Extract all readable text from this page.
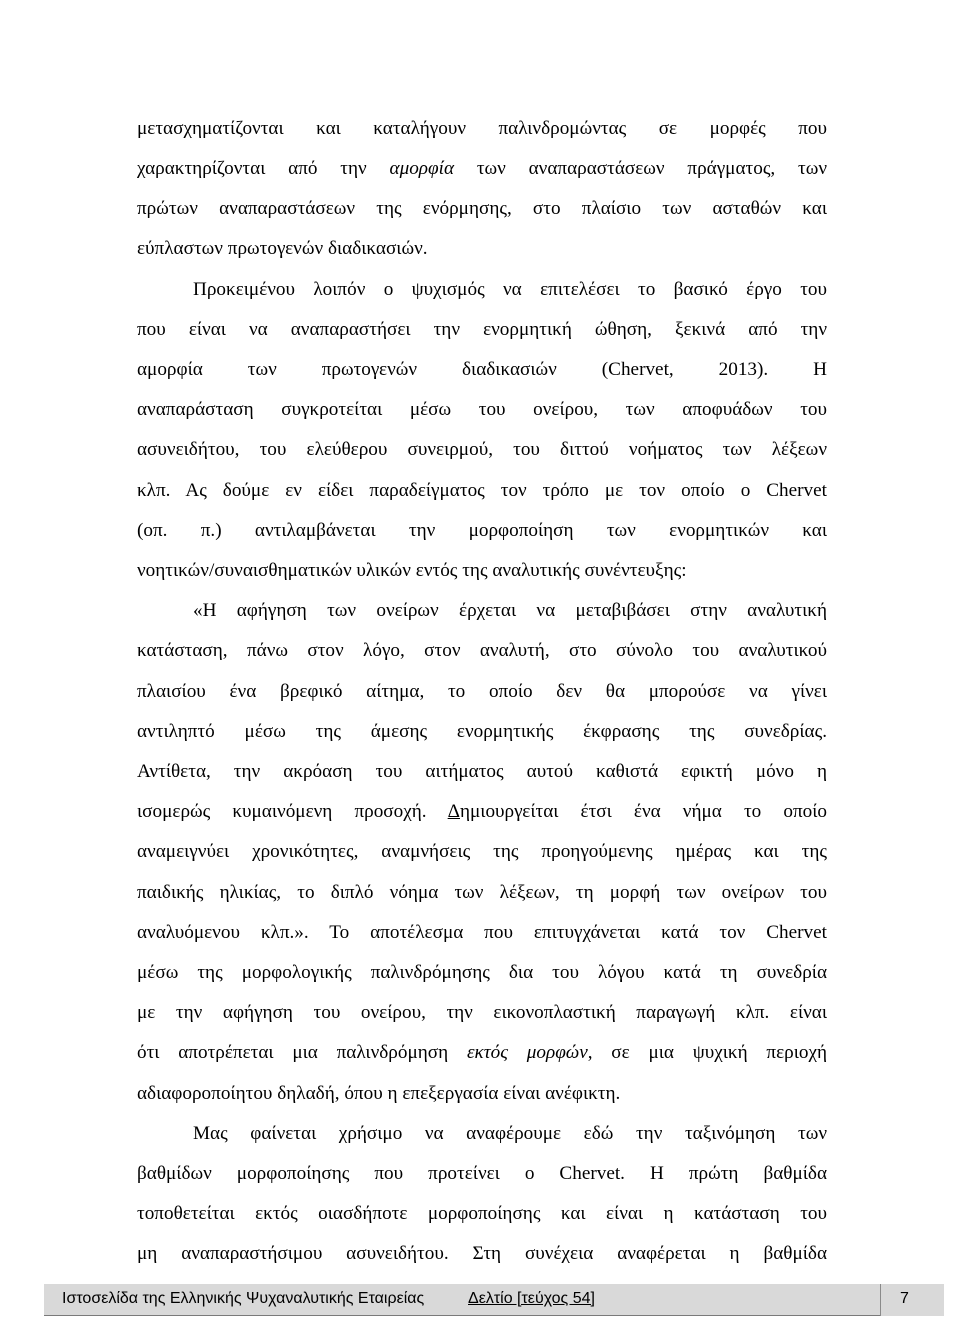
μετασχηματίζονται και καταλήγουν παλινδρομώντας σε μορφές που
χαρακτηρίζονται από την αμορφία των αναπαραστάσεων πράγματος, των
πρώτων αναπαραστάσεων της ενόρμησης, στο πλαίσιο των ασταθών και
εύπλαστων πρωτογενών διαδικασιών.
Προκειμένου λοιπόν ο ψυχισμός να επιτελέσει το βασικό έργο του
που είναι να αναπαραστήσει την ενορμητική ώθηση, ξεκινά από την
αμορφία των πρωτογενών διαδικασιών (Chervet, 2013). Η
αναπαράσταση συγκροτείται μέσω του ονείρου, των αποφυάδων του
ασυνειδήτου, του ελεύθερου συνειρμού, του διττού νοήματος των λέξεων
κλπ. Ας δούμε εν είδει παραδείγματος τον τρόπο με τον οποίο ο Chervet
(οπ. π.) αντιλαμβάνεται την μορφοποίηση των ενορμητικών και
νοητικών/συναισθηματικών υλικών εντός της αναλυτικής συνέντευξης:
«Η αφήγηση των ονείρων έρχεται να μεταβιβάσει στην αναλυτική
κατάσταση, πάνω στον λόγο, στον αναλυτή, στο σύνολο του αναλυτικού
πλαισίου ένα βρεφικό αίτημα, το οποίο δεν θα μπορούσε να γίνει
αντιληπτό μέσω της άμεσης ενορμητικής έκφρασης της συνεδρίας.
Αντίθετα, την ακρόαση του αιτήματος αυτού καθιστά εφικτή μόνο η
ισομερώς κυμαινόμενη προσοχή. Δημιουργείται έτσι ένα νήμα το οποίο
αναμειγνύει χρονικότητες, αναμνήσεις της προηγούμενης ημέρας και της
παιδικής ηλικίας, το διπλό νόημα των λέξεων, τη μορφή των ονείρων του
αναλυόμενου κλπ.». Το αποτέλεσμα που επιτυγχάνεται κατά τον Chervet
μέσω της μορφολογικής παλινδρόμησης δια του λόγου κατά τη συνεδρία
με την αφήγηση του ονείρου, την εικονοπλαστική παραγωγή κλπ. είναι
ότι αποτρέπεται μια παλινδρόμηση εκτός μορφών, σε μια ψυχική περιοχή
αδιαφοροποίητου δηλαδή, όπου η επεξεργασία είναι ανέφικτη.
Μας φαίνεται χρήσιμο να αναφέρουμε εδώ την ταξινόμηση των
βαθμίδων μορφοποίησης που προτείνει ο Chervet. Η πρώτη βαθμίδα
τοποθετείται εκτός οιασδήποτε μορφοποίησης και είναι η κατάσταση του
μη αναπαραστήσιμου ασυνειδήτου. Στη συνέχεια αναφέρεται η βαθμίδα
Ιστοσελίδα της Ελληνικής Ψυχαναλυτικής Εταιρείας	Δελτίο [τεύχος 54]	7
